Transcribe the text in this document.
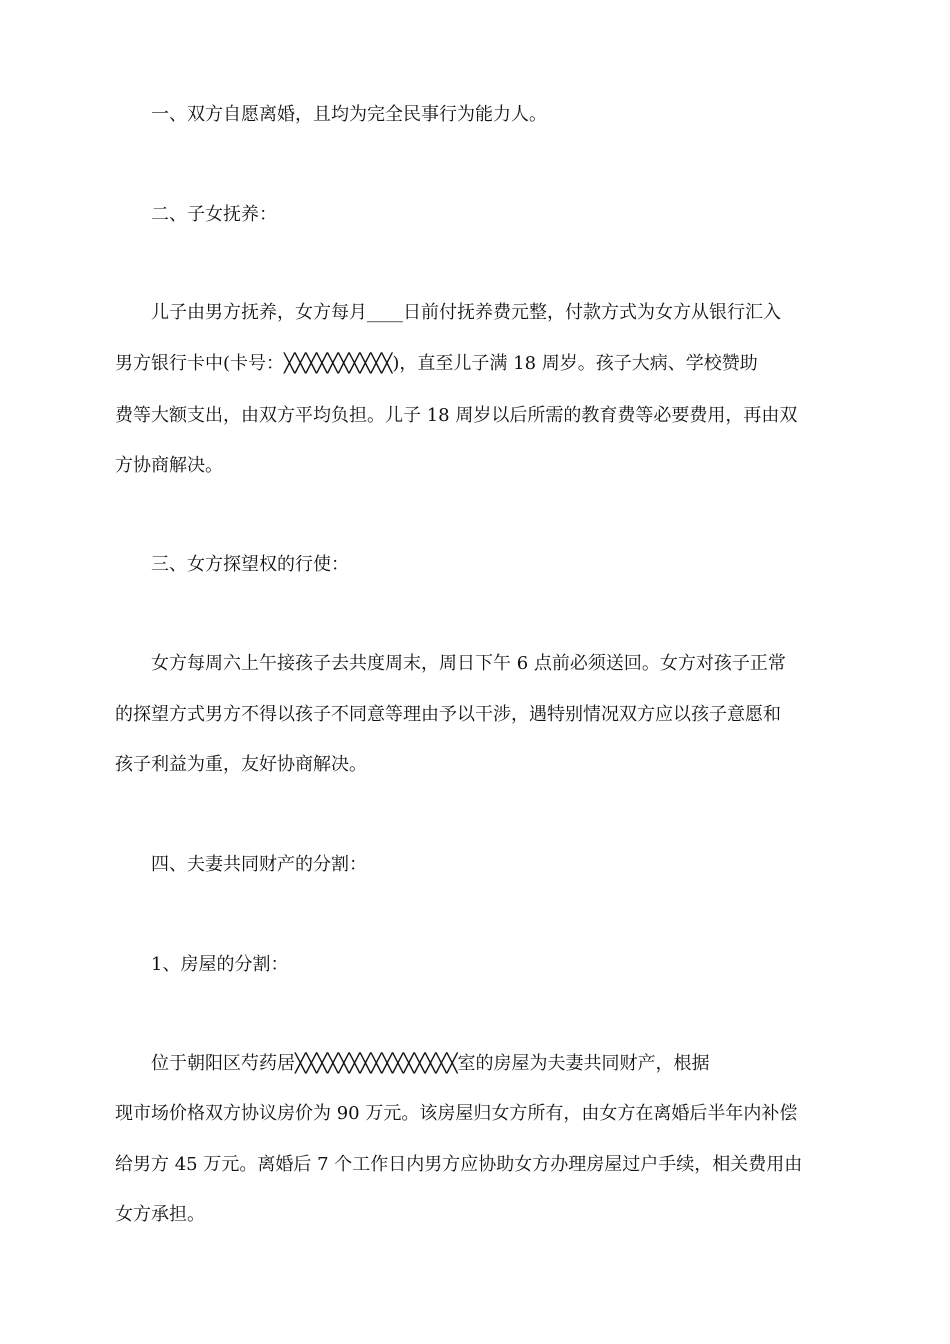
一、双方自愿离婚，且均为完全民事行为能力人。
二、子女抚养：
儿子由男方抚养，女方每月____日前付抚养费元整，付款方式为女方从银行汇入
男方银行卡中(卡号：╳╳╳╳╳╳╳╳╳╳)，直至儿子满 18 周岁。孩子大病、学校赞助
费等大额支出，由双方平均负担。儿子 18 周岁以后所需的教育费等必要费用，再由双
方协商解决。
三、女方探望权的行使：
女方每周六上午接孩子去共度周末，周日下午 6 点前必须送回。女方对孩子正常
的探望方式男方不得以孩子不同意等理由予以干涉，遇特别情况双方应以孩子意愿和
孩子利益为重，友好协商解决。
四、夫妻共同财产的分割：
1、房屋的分割：
位于朝阳区芍药居╳╳╳╳╳╳╳╳╳╳╳╳╳╳╳室的房屋为夫妻共同财产，根据
现市场价格双方协议房价为 90 万元。该房屋归女方所有，由女方在离婚后半年内补偿
给男方 45 万元。离婚后 7 个工作日内男方应协助女方办理房屋过户手续，相关费用由
女方承担。
